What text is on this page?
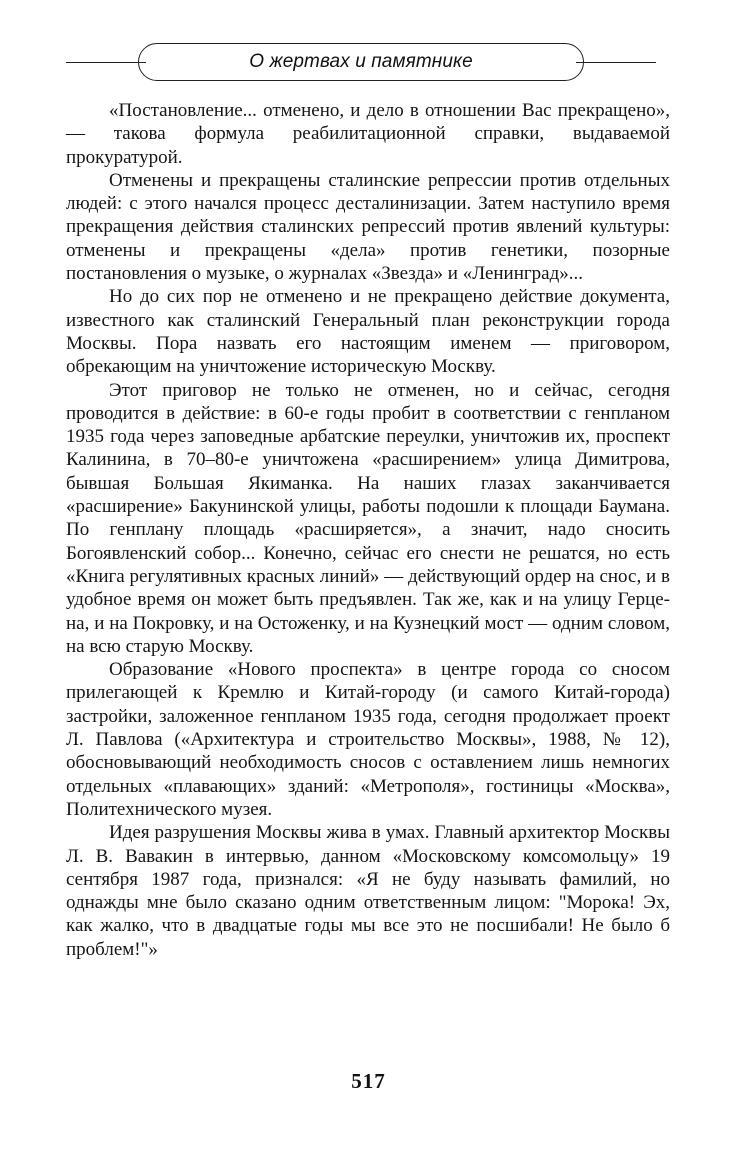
О жертвах и памятнике

«Постановление... отменено, и дело в отношении Вас прекращено», — такова формула реабилитационной справки, выдаваемой прокуратурой.

Отменены и прекращены сталинские репрессии против отдельных людей: с этого начался процесс десталинизации. Затем наступило время прекращения действия сталинских репрессий против явлений культуры: отменены и прекращены «дела» против генетики, позорные постановления о музыке, о журналах «Звезда» и «Ленинград»...

Но до сих пор не отменено и не прекращено действие документа, известного как сталинский Генеральный план реконструкции города Москвы. Пора назвать его настоящим именем — приговором, обрекающим на уничтожение историческую Москву.

Этот приговор не только не отменен, но и сейчас, сегодня проводится в действие: в 60-е годы пробит в соответствии с генпланом 1935 года через заповедные арбатские переулки, уничтожив их, проспект Калинина, в 70–80-е уничтожена «расширением» улица Димитрова, бывшая Большая Якиманка. На наших глазах заканчивается «расширение» Бакунинской улицы, работы подошли к площади Баумана. По генплану площадь «расширяется», а значит, надо сносить Богоявленский собор... Конечно, сейчас его снести не решатся, но есть «Книга регулятивных красных линий» — действующий ордер на снос, и в удобное время он может быть предъявлен. Так же, как и на улицу Герцена, и на Покровку, и на Остоженку, и на Кузнецкий мост — одним словом, на всю старую Москву.

Образование «Нового проспекта» в центре города со сносом прилегающей к Кремлю и Китай-городу (и самого Китай-города) застройки, заложенное генпланом 1935 года, сегодня продолжает проект Л. Павлова («Архитектура и строительство Москвы», 1988, № 12), обосновывающий необходимость сносов с оставлением лишь немногих отдельных «плавающих» зданий: «Метрополя», гостиницы «Москва», Политехнического музея.

Идея разрушения Москвы жива в умах. Главный архитектор Москвы Л. В. Вавакин в интервью, данном «Московскому комсомольцу» 19 сентября 1987 года, признался: «Я не буду называть фамилий, но однажды мне было сказано одним ответственным лицом: "Морока! Эх, как жалко, что в двадцатые годы мы все это не посшибали! Не было б проблем!"»

517
